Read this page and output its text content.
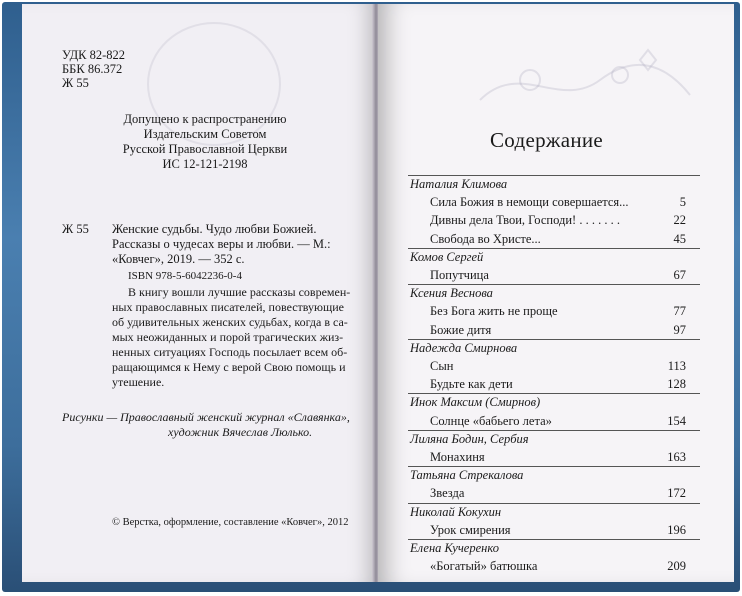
УДК 82-822
ББК 86.372
Ж 55
Допущено к распространению
Издательским Советом
Русской Православной Церкви
ИС 12-121-2198
Ж 55 Женские судьбы. Чудо любви Божией.
Рассказы о чудесах веры и любви. — М.:
«Ковчег», 2019. — 352 с.
ISBN 978-5-6042236-0-4
В книгу вошли лучшие рассказы современ-
ных православных писателей, повествующие
об удивительных женских судьбах, когда в са-
мых неожиданных и порой трагических жиз-
ненных ситуациях Господь посылает всем об-
ращающимся к Нему с верой Свою помощь и
утешение.
Рисунки — Православный женский журнал «Славянка»,
художник Вячеслав Люлько.
© Верстка, оформление, составление «Ковчег», 2012
Содержание
Наталия Климова
Сила Божия в немощи совершается...	5
Дивны дела Твои, Господи! . . . . . . .	22
Свобода во Христе...	45
Комов Сергей
Попутчица	67
Ксения Веснова
Без Бога жить не проще	77
Божие дитя	97
Надежда Смирнова
Сын	113
Будьте как дети	128
Инок Максим (Смирнов)
Солнце «бабьего лета»	154
Лиляна Бодин, Сербия
Монахиня	163
Татьяна Стрекалова
Звезда	172
Николай Кокухин
Урок смирения	196
Елена Кучеренко
«Богатый» батюшка	209
